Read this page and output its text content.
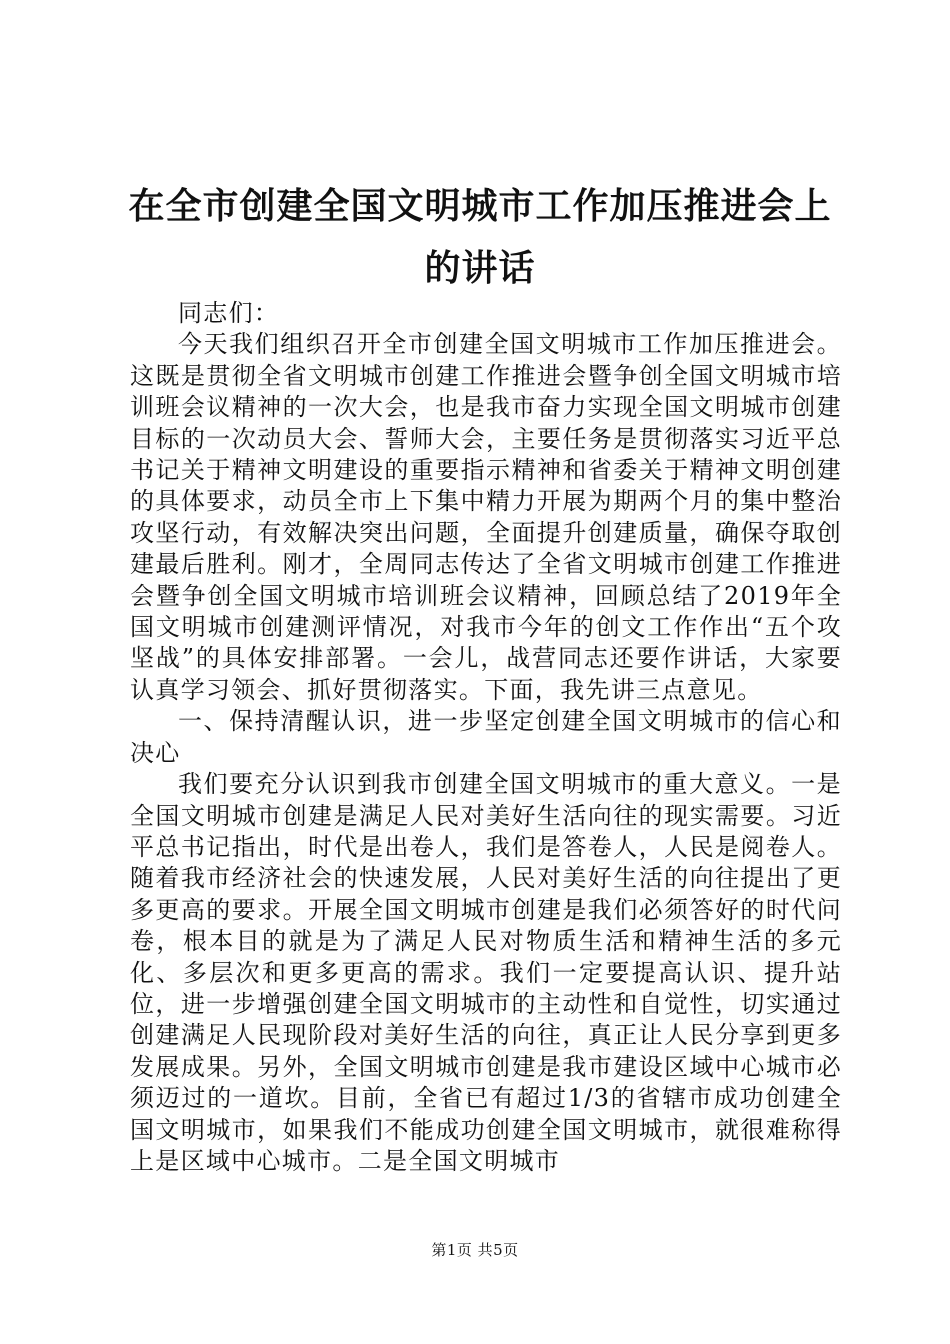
在全市创建全国文明城市工作加压推进会上的讲话

同志们：

今天我们组织召开全市创建全国文明城市工作加压推进会。这既是贯彻全省文明城市创建工作推进会暨争创全国文明城市培训班会议精神的一次大会，也是我市奋力实现全国文明城市创建目标的一次动员大会、誓师大会，主要任务是贯彻落实习近平总书记关于精神文明建设的重要指示精神和省委关于精神文明创建的具体要求，动员全市上下集中精力开展为期两个月的集中整治攻坚行动，有效解决突出问题，全面提升创建质量，确保夺取创建最后胜利。刚才，全周同志传达了全省文明城市创建工作推进会暨争创全国文明城市培训班会议精神，回顾总结了2019年全国文明城市创建测评情况，对我市今年的创文工作作出“五个攻坚战”的具体安排部署。一会儿，战营同志还要作讲话，大家要认真学习领会、抓好贯彻落实。下面，我先讲三点意见。

一、保持清醒认识，进一步坚定创建全国文明城市的信心和决心

我们要充分认识到我市创建全国文明城市的重大意义。一是全国文明城市创建是满足人民对美好生活向往的现实需要。习近平总书记指出，时代是出卷人，我们是答卷人，人民是阅卷人。随着我市经济社会的快速发展，人民对美好生活的向往提出了更多更高的要求。开展全国文明城市创建是我们必须答好的时代问卷，根本目的就是为了满足人民对物质生活和精神生活的多元化、多层次和更多更高的需求。我们一定要提高认识、提升站位，进一步增强创建全国文明城市的主动性和自觉性，切实通过创建满足人民现阶段对美好生活的向往，真正让人民分享到更多发展成果。另外，全国文明城市创建是我市建设区域中心城市必须迈过的一道坎。目前，全省已有超过1/3的省辖市成功创建全国文明城市，如果我们不能成功创建全国文明城市，就很难称得上是区域中心城市。二是全国文明城市

第1页 共5页
